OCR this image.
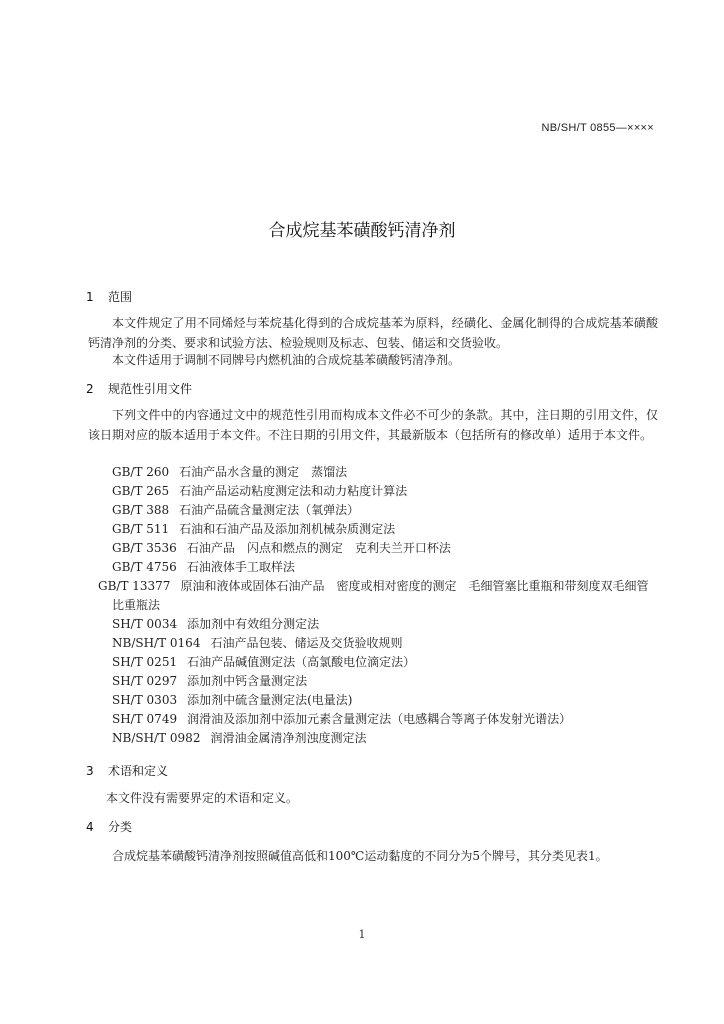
NB/SH/T 0855—××××
合成烷基苯磺酸钙清净剂
1 范围

本文件规定了用不同烯烃与苯烷基化得到的合成烷基苯为原料，经磺化、金属化制得的合成烷基苯磺酸钙清净剂的分类、要求和试验方法、检验规则及标志、包装、储运和交货验收。

本文件适用于调制不同牌号内燃机油的合成烷基苯磺酸钙清净剂。

2 规范性引用文件

下列文件中的内容通过文中的规范性引用而构成本文件必不可少的条款。其中，注日期的引用文件，仅该日期对应的版本适用于本文件。不注日期的引用文件，其最新版本（包括所有的修改单）适用于本文件。

GB/T 260 石油产品水含量的测定　蒸馏法
GB/T 265 石油产品运动粘度测定法和动力粘度计算法
GB/T 388 石油产品硫含量测定法（氧弹法）
GB/T 511 石油和石油产品及添加剂机械杂质测定法
GB/T 3536 石油产品　闪点和燃点的测定　克利夫兰开口杯法
GB/T 4756 石油液体手工取样法
GB/T 13377 原油和液体或固体石油产品　密度或相对密度的测定　毛细管塞比重瓶和带刻度双毛细管比重瓶法
SH/T 0034 添加剂中有效组分测定法
NB/SH/T 0164 石油产品包装、储运及交货验收规则
SH/T 0251 石油产品碱值测定法（高氯酸电位滴定法）
SH/T 0297 添加剂中钙含量测定法
SH/T 0303 添加剂中硫含量测定法(电量法)
SH/T 0749 润滑油及添加剂中添加元素含量测定法（电感耦合等离子体发射光谱法）
NB/SH/T 0982 润滑油金属清净剂浊度测定法
3 术语和定义

本文件没有需要界定的术语和定义。

4 分类

合成烷基苯磺酸钙清净剂按照碱值高低和100℃运动黏度的不同分为5个牌号，其分类见表1。

1
